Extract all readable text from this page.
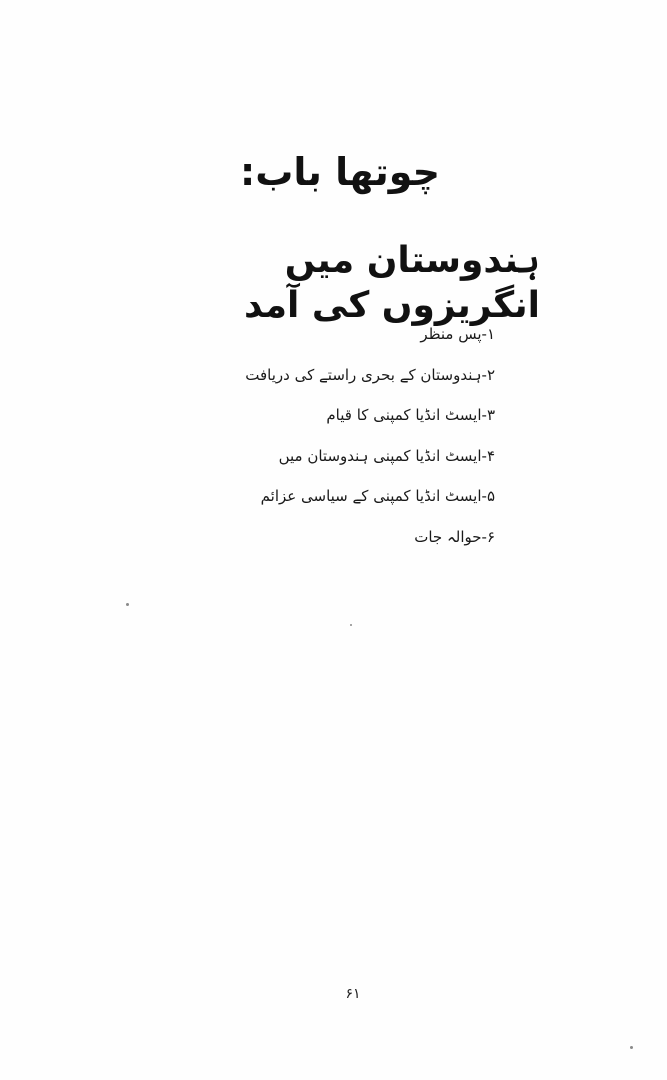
چوتھا باب:
ہندوستان میں انگریزوں کی آمد
۱-پس منظر
۲-ہندوستان کے بحری راستے کی دریافت
۳-ایسٹ انڈیا کمپنی کا قیام
۴-ایسٹ انڈیا کمپنی ہندوستان میں
۵-ایسٹ انڈیا کمپنی کے سیاسی عزائم
۶-حوالہ جات
۶۱
